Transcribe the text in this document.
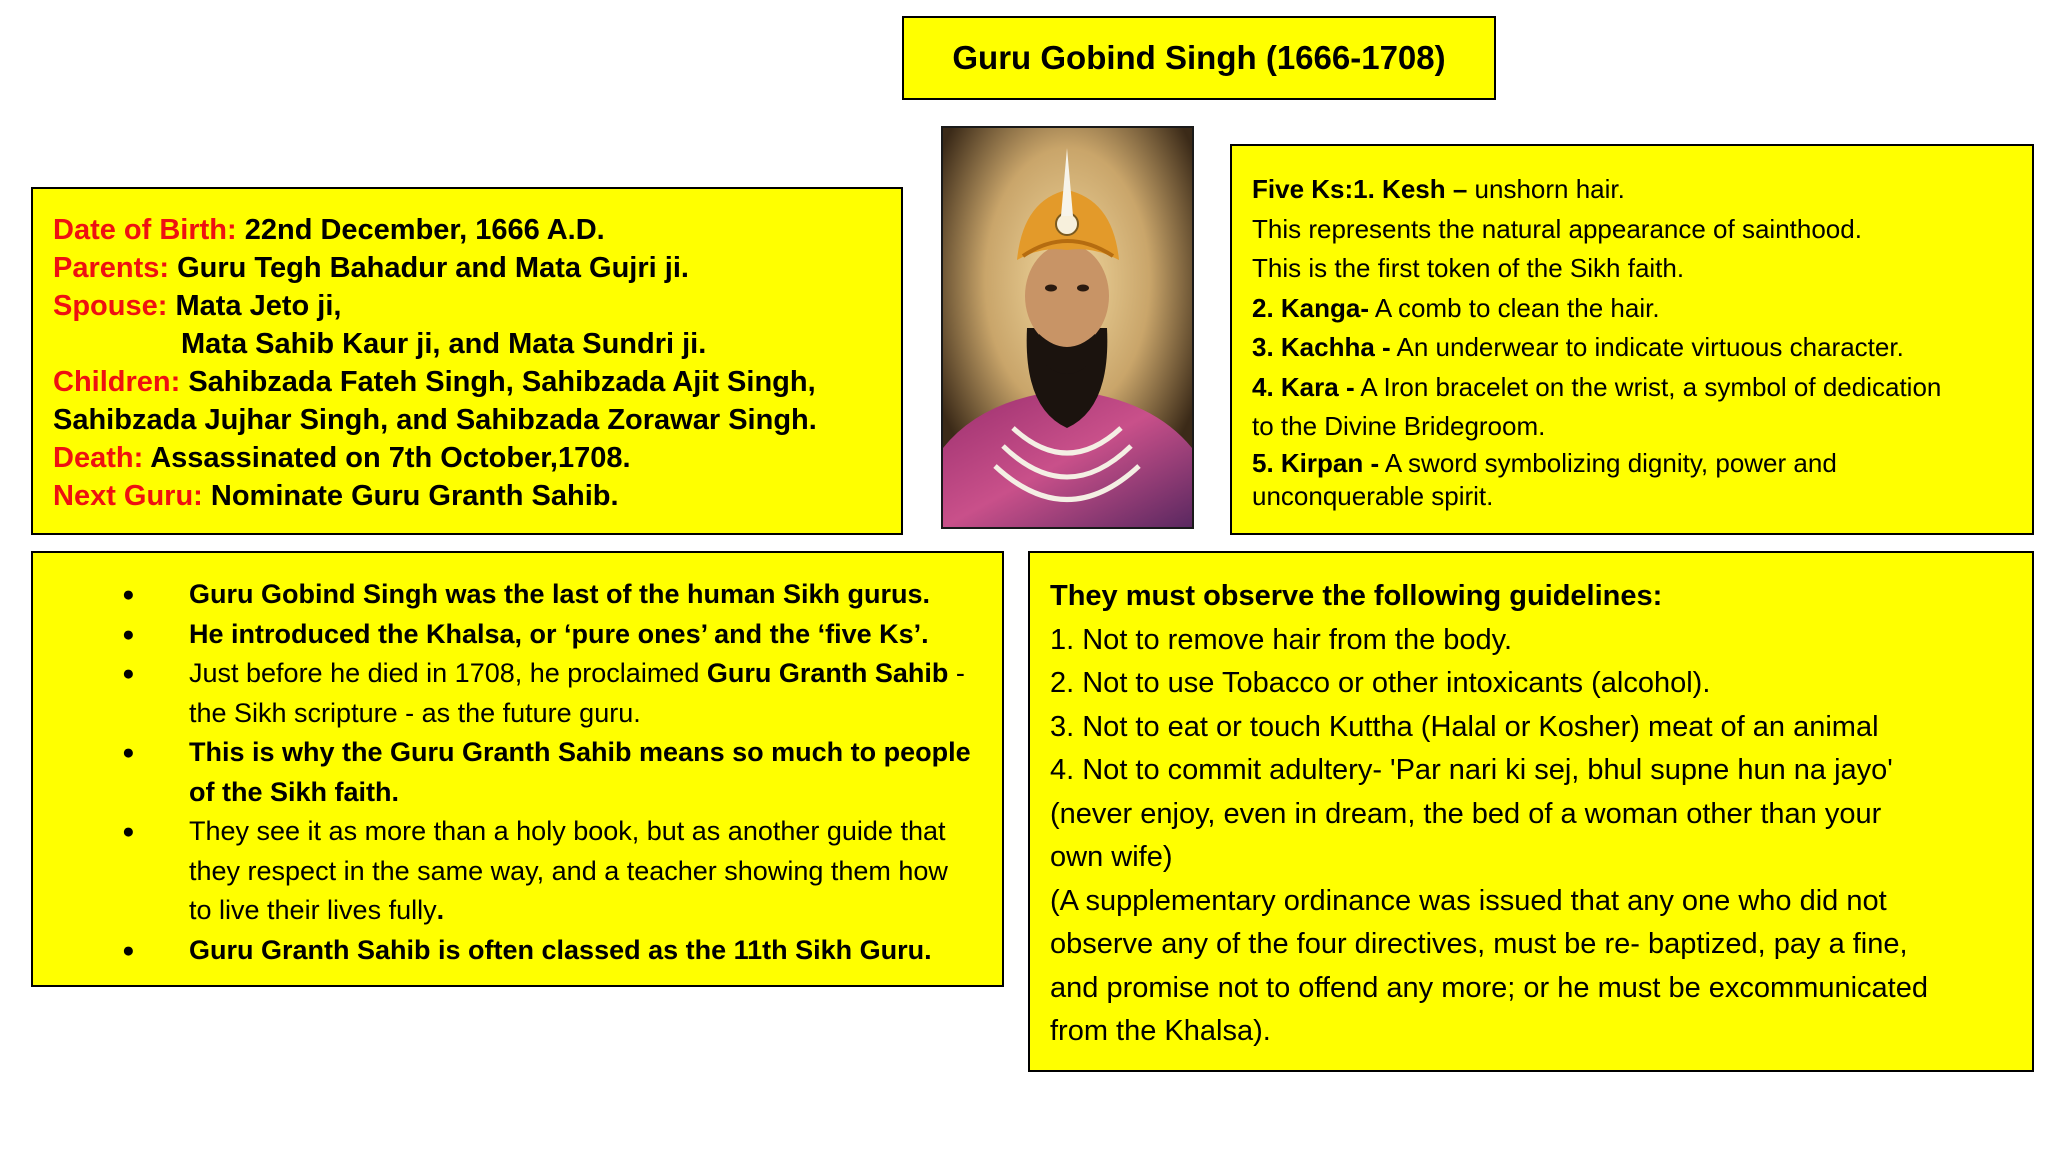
Guru Gobind Singh (1666-1708)

Date of Birth: 22nd December, 1666 A.D.

Parents: Guru Tegh Bahadur and Mata Gujri ji.

Spouse: Mata Jeto ji,

Mata Sahib Kaur ji, and Mata Sundri ji.

Children: Sahibzada Fateh Singh, Sahibzada Ajit Singh,

Sahibzada Jujhar Singh, and Sahibzada Zorawar Singh.

Death: Assassinated on 7th October,1708.

Next Guru: Nominate Guru Granth Sahib.

Five Ks:1. Kesh – unshorn hair.

This represents the natural appearance of sainthood.

This is the first token of the Sikh faith.

2. Kanga- A comb to clean the hair.

3. Kachha - An underwear to indicate virtuous character.

4. Kara - A Iron bracelet on the wrist, a symbol of dedication

to the Divine Bridegroom.

5. Kirpan - A sword symbolizing dignity, power and

unconquerable spirit.

● Guru Gobind Singh was the last of the human Sikh gurus.
● He introduced the Khalsa, or ‘pure ones’ and the ‘five Ks’.
● Just before he died in 1708, he proclaimed Guru Granth Sahib -
the Sikh scripture - as the future guru.
● This is why the Guru Granth Sahib means so much to people
of the Sikh faith.
● They see it as more than a holy book, but as another guide that
they respect in the same way, and a teacher showing them how
to live their lives fully.
● Guru Granth Sahib is often classed as the 11th Sikh Guru.

They must observe the following guidelines:

1. Not to remove hair from the body.

2. Not to use Tobacco or other intoxicants (alcohol).

3. Not to eat or touch Kuttha (Halal or Kosher) meat of an animal

4. Not to commit adultery- 'Par nari ki sej, bhul supne hun na jayo'

(never enjoy, even in dream, the bed of a woman other than your

own wife)

(A supplementary ordinance was issued that any one who did not

observe any of the four directives, must be re- baptized, pay a fine,

and promise not to offend any more; or he must be excommunicated

from the Khalsa).
